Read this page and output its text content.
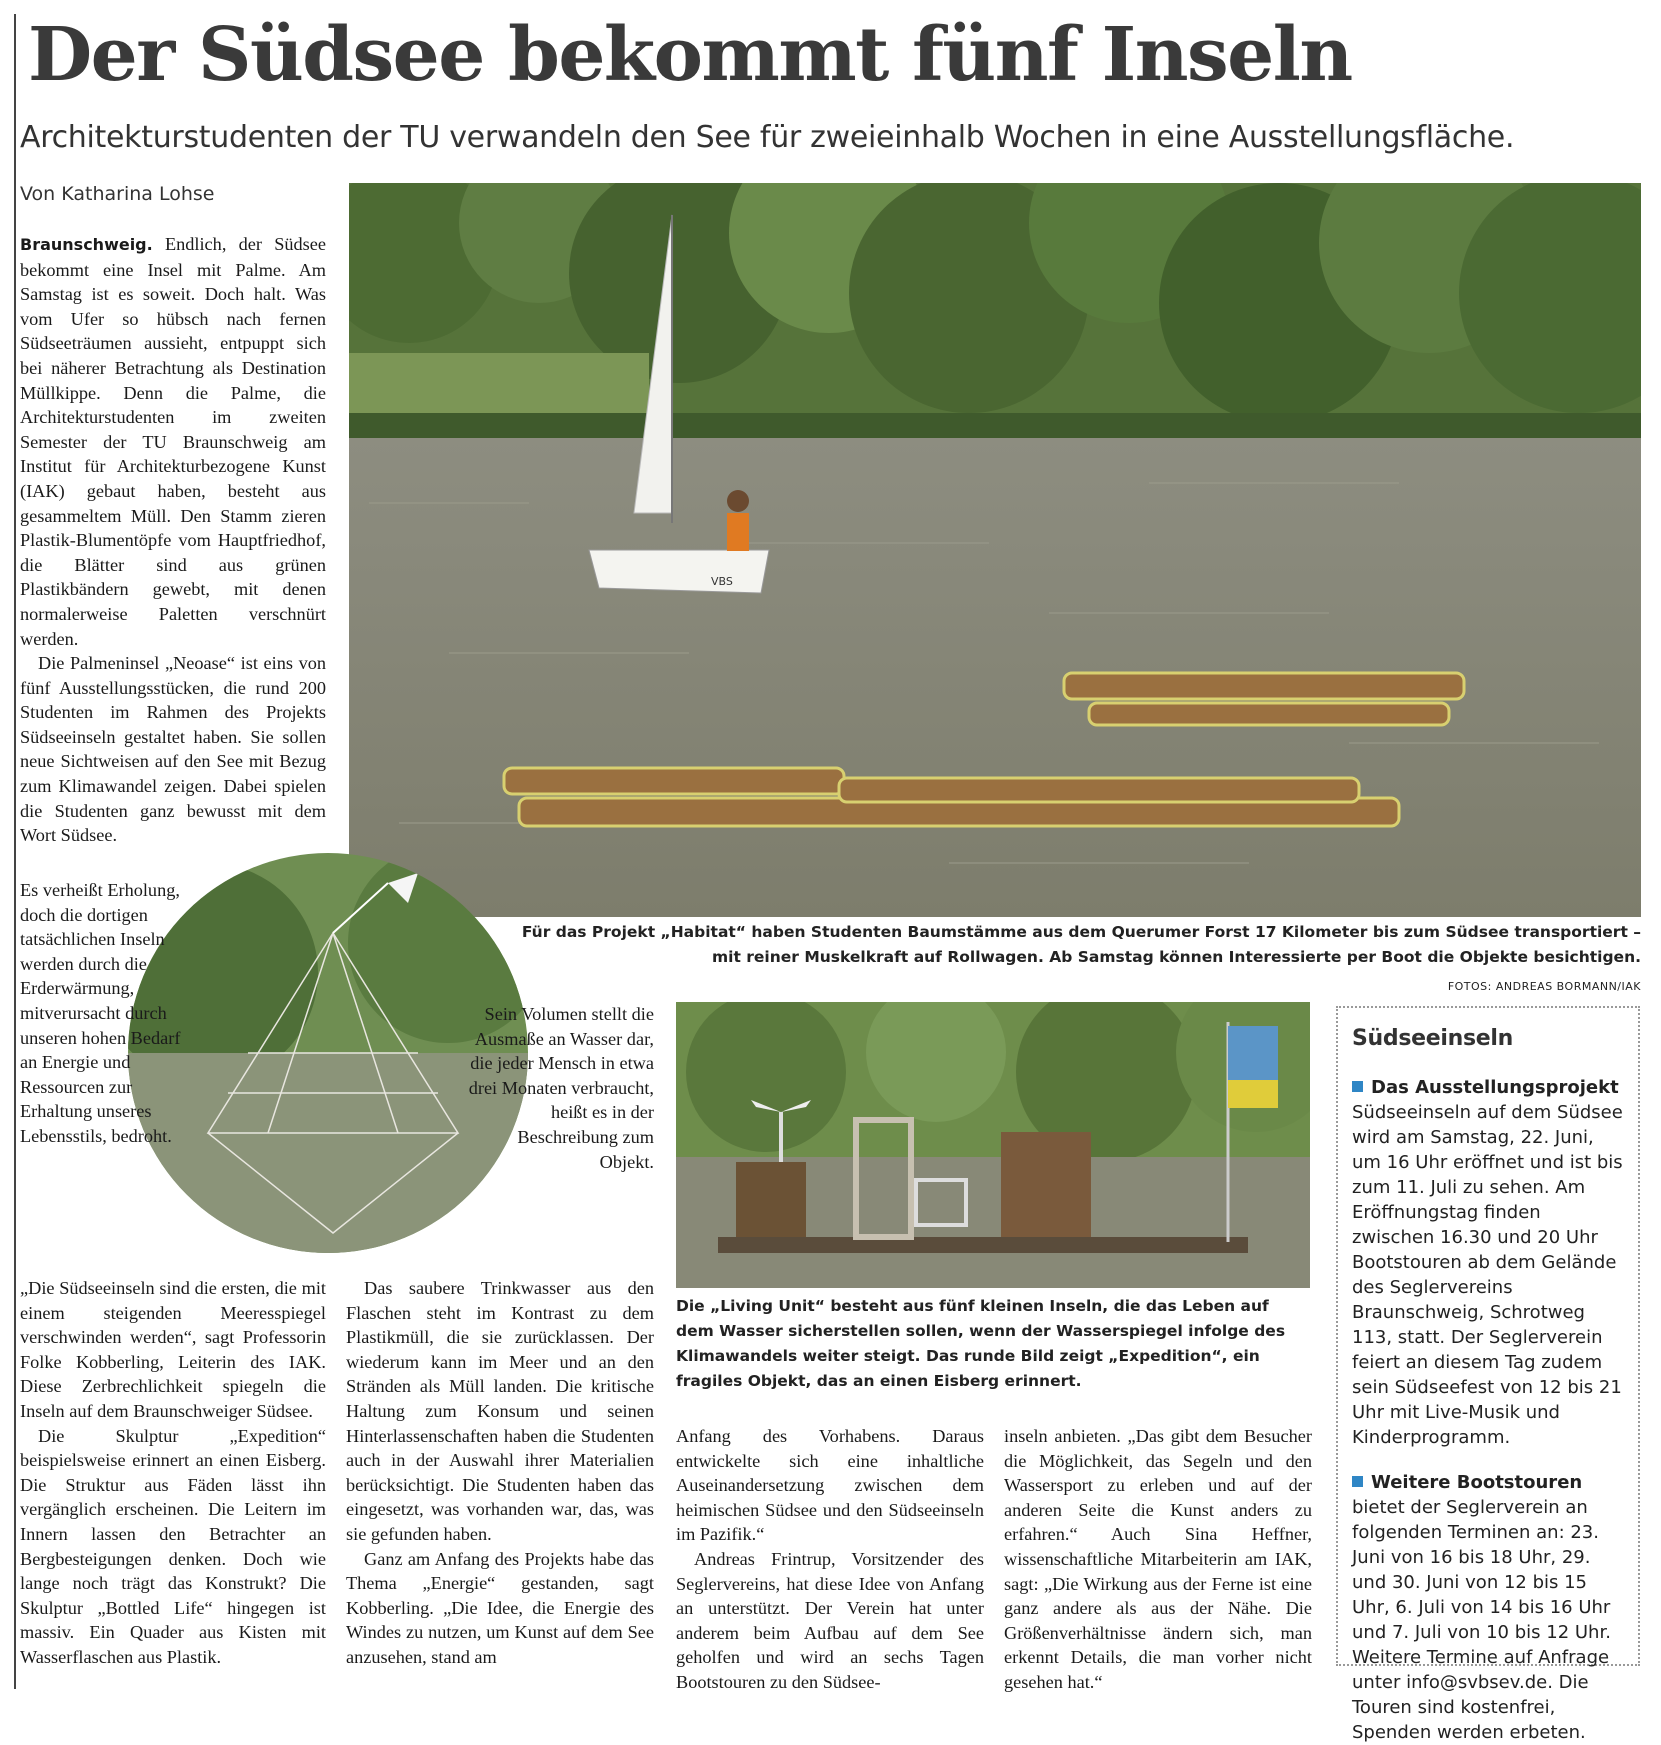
Der Südsee bekommt fünf Inseln
Architekturstudenten der TU verwandeln den See für zweieinhalb Wochen in eine Ausstellungsfläche.
Von Katharina Lohse
VBS
Für das Projekt „Habitat“ haben Studenten Baumstämme aus dem Querumer Forst 17 Kilometer bis zum Südsee transportiert – mit reiner Muskelkraft auf Rollwagen. Ab Samstag können Interessierte per Boot die Objekte besichtigen.
FOTOS: ANDREAS BORMANN/IAK
Die „Living Unit“ besteht aus fünf kleinen Inseln, die das Leben auf dem Wasser sicherstellen sollen, wenn der Wasserspiegel infolge des Klimawandels weiter steigt. Das runde Bild zeigt „Expedition“, ein fragiles Objekt, das an einen Eisberg erinnert.

Braunschweig. Endlich, der Südsee bekommt eine Insel mit Palme. Am Samstag ist es soweit. Doch halt. Was vom Ufer so hübsch nach fernen Südseeträumen aussieht, entpuppt sich bei näherer Betrachtung als Destination Müllkippe. Denn die Palme, die Architekturstudenten im zweiten Semester der TU Braunschweig am Institut für Architekturbezogene Kunst (IAK) gebaut haben, besteht aus gesammeltem Müll. Den Stamm zieren Plastik-Blumentöpfe vom Hauptfriedhof, die Blätter sind aus grünen Plastikbändern gewebt, mit denen normalerweise Paletten verschnürt werden.

Die Palmeninsel „Neoase“ ist eins von fünf Ausstellungsstücken, die rund 200 Studenten im Rahmen des Projekts Südseeinseln gestaltet haben. Sie sollen neue Sichtweisen auf den See mit Bezug zum Klimawandel zeigen. Dabei spielen die Studenten ganz bewusst mit dem Wort Südsee.

Es verheißt Erholung, doch die dortigen tatsächlichen Inseln werden durch die Erderwärmung, mitverursacht durch unseren hohen Bedarf an Energie und Ressourcen zur Erhaltung unseres Lebensstils, bedroht.

„Die Südseeinseln sind die ersten, die mit einem steigenden Meeresspiegel verschwinden werden“, sagt Professorin Folke Kobberling, Leiterin des IAK. Diese Zerbrechlichkeit spiegeln die Inseln auf dem Braunschweiger Südsee.

Die Skulptur „Expedition“ beispielsweise erinnert an einen Eisberg. Die Struktur aus Fäden lässt ihn vergänglich erscheinen. Die Leitern im Innern lassen den Betrachter an Bergbesteigungen denken. Doch wie lange noch trägt das Konstrukt? Die Skulptur „Bottled Life“ hingegen ist massiv. Ein Quader aus Kisten mit Wasserflaschen aus Plastik.

Sein Volumen stellt die Ausmaße an Wasser dar, die jeder Mensch in etwa drei Monaten verbraucht, heißt es in der Beschreibung zum Objekt.

Das saubere Trinkwasser aus den Flaschen steht im Kontrast zu dem Plastikmüll, die sie zurücklassen. Der wiederum kann im Meer und an den Stränden als Müll landen. Die kritische Haltung zum Konsum und seinen Hinterlassenschaften haben die Studenten auch in der Auswahl ihrer Materialien berücksichtigt. Die Studenten haben das eingesetzt, was vorhanden war, das, was sie gefunden haben.

Ganz am Anfang des Projekts habe das Thema „Energie“ gestanden, sagt Kobberling. „Die Idee, die Energie des Windes zu nutzen, um Kunst auf dem See anzusehen, stand am

Anfang des Vorhabens. Daraus entwickelte sich eine inhaltliche Auseinandersetzung zwischen dem heimischen Südsee und den Südseeinseln im Pazifik.“

Andreas Frintrup, Vorsitzender des Seglervereins, hat diese Idee von Anfang an unterstützt. Der Verein hat unter anderem beim Aufbau auf dem See geholfen und wird an sechs Tagen Bootstouren zu den Südsee-

inseln anbieten. „Das gibt dem Besucher die Möglichkeit, das Segeln und den Wassersport zu erleben und auf der anderen Seite die Kunst anders zu erfahren.“ Auch Sina Heffner, wissenschaftliche Mitarbeiterin am IAK, sagt: „Die Wirkung aus der Ferne ist eine ganz andere als aus der Nähe. Die Größenverhältnisse ändern sich, man erkennt Details, die man vorher nicht gesehen hat.“

Südseeinseln

Das Ausstellungsprojekt
Südseeinseln auf dem Südsee wird am Samstag, 22. Juni, um 16 Uhr eröffnet und ist bis zum 11. Juli zu sehen. Am Eröffnungstag finden zwischen 16.30 und 20 Uhr Bootstouren ab dem Gelände des Seglervereins Braunschweig, Schrotweg 113, statt. Der Seglerverein feiert an diesem Tag zudem sein Südseefest von 12 bis 21 Uhr mit Live-Musik und Kinderprogramm.

Weitere Bootstouren bietet der Seglerverein an folgenden Terminen an: 23. Juni von 16 bis 18 Uhr, 29. und 30. Juni von 12 bis 15 Uhr, 6. Juli von 14 bis 16 Uhr und 7. Juli von 10 bis 12 Uhr. Weitere Termine auf Anfrage unter info@svbsev.de. Die Touren sind kostenfrei, Spenden werden erbeten.
